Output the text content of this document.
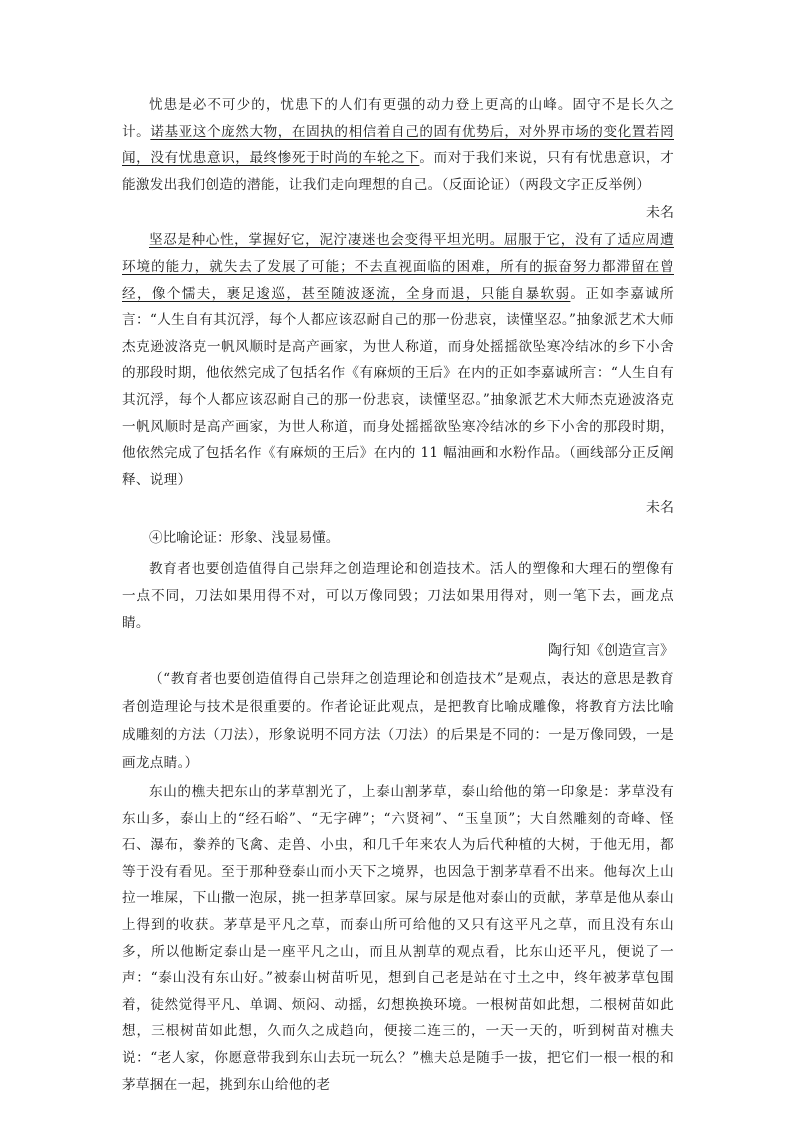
忧患是必不可少的，忧患下的人们有更强的动力登上更高的山峰。固守不是长久之计。诺基亚这个庞然大物，在固执的相信着自己的固有优势后，对外界市场的变化置若罔闻，没有忧患意识，最终惨死于时尚的车轮之下。而对于我们来说，只有有忧患意识，才能激发出我们创造的潜能，让我们走向理想的自己。（反面论证）（两段文字正反举例）

未名

坚忍是种心性，掌握好它，泥泞凄迷也会变得平坦光明。屈服于它，没有了适应周遭环境的能力，就失去了发展了可能；不去直视面临的困难，所有的振奋努力都滞留在曾经，像个懦夫，裹足逡巡，甚至随波逐流，全身而退，只能自暴软弱。正如李嘉诚所言：“人生自有其沉浮，每个人都应该忍耐自己的那一份悲哀，读懂坚忍。”抽象派艺术大师杰克逊波洛克一帆风顺时是高产画家，为世人称道，而身处摇摇欲坠寒冷结冰的乡下小舍的那段时期，他依然完成了包括名作《有麻烦的王后》在内的正如李嘉诚所言：“人生自有其沉浮，每个人都应该忍耐自己的那一份悲哀，读懂坚忍。”抽象派艺术大师杰克逊波洛克一帆风顺时是高产画家，为世人称道，而身处摇摇欲坠寒冷结冰的乡下小舍的那段时期，他依然完成了包括名作《有麻烦的王后》在内的 11 幅油画和水粉作品。（画线部分正反阐释、说理）

未名

④比喻论证：形象、浅显易懂。

教育者也要创造值得自己崇拜之创造理论和创造技术。活人的塑像和大理石的塑像有一点不同，刀法如果用得不对，可以万像同毁；刀法如果用得对，则一笔下去，画龙点睛。

陶行知《创造宣言》

（“教育者也要创造值得自己崇拜之创造理论和创造技术”是观点，表达的意思是教育者创造理论与技术是很重要的。作者论证此观点，是把教育比喻成雕像，将教育方法比喻成雕刻的方法（刀法），形象说明不同方法（刀法）的后果是不同的：一是万像同毁，一是画龙点睛。）

东山的樵夫把东山的茅草割光了，上泰山割茅草，泰山给他的第一印象是：茅草没有东山多，泰山上的“经石峪”、“无字碑”；“六贤祠”、“玉皇顶”；大自然雕刻的奇峰、怪石、瀑布，豢养的飞禽、走兽、小虫，和几千年来农人为后代种植的大树，于他无用，都等于没有看见。至于那种登泰山而小天下之境界，也因急于割茅草看不出来。他每次上山拉一堆屎，下山撒一泡尿，挑一担茅草回家。屎与尿是他对泰山的贡献，茅草是他从泰山上得到的收获。茅草是平凡之草，而泰山所可给他的又只有这平凡之草，而且没有东山多，所以他断定泰山是一座平凡之山，而且从割草的观点看，比东山还平凡，便说了一声：“泰山没有东山好。”被泰山树苗听见，想到自己老是站在寸土之中，终年被茅草包围着，徒然觉得平凡、单调、烦闷、动摇，幻想换换环境。一根树苗如此想，二根树苗如此想，三根树苗如此想，久而久之成趋向，便接二连三的，一天一天的，听到树苗对樵夫说：“老人家，你愿意带我到东山去玩一玩么？”樵夫总是随手一拔，把它们一根一根的和茅草捆在一起，挑到东山给他的老
